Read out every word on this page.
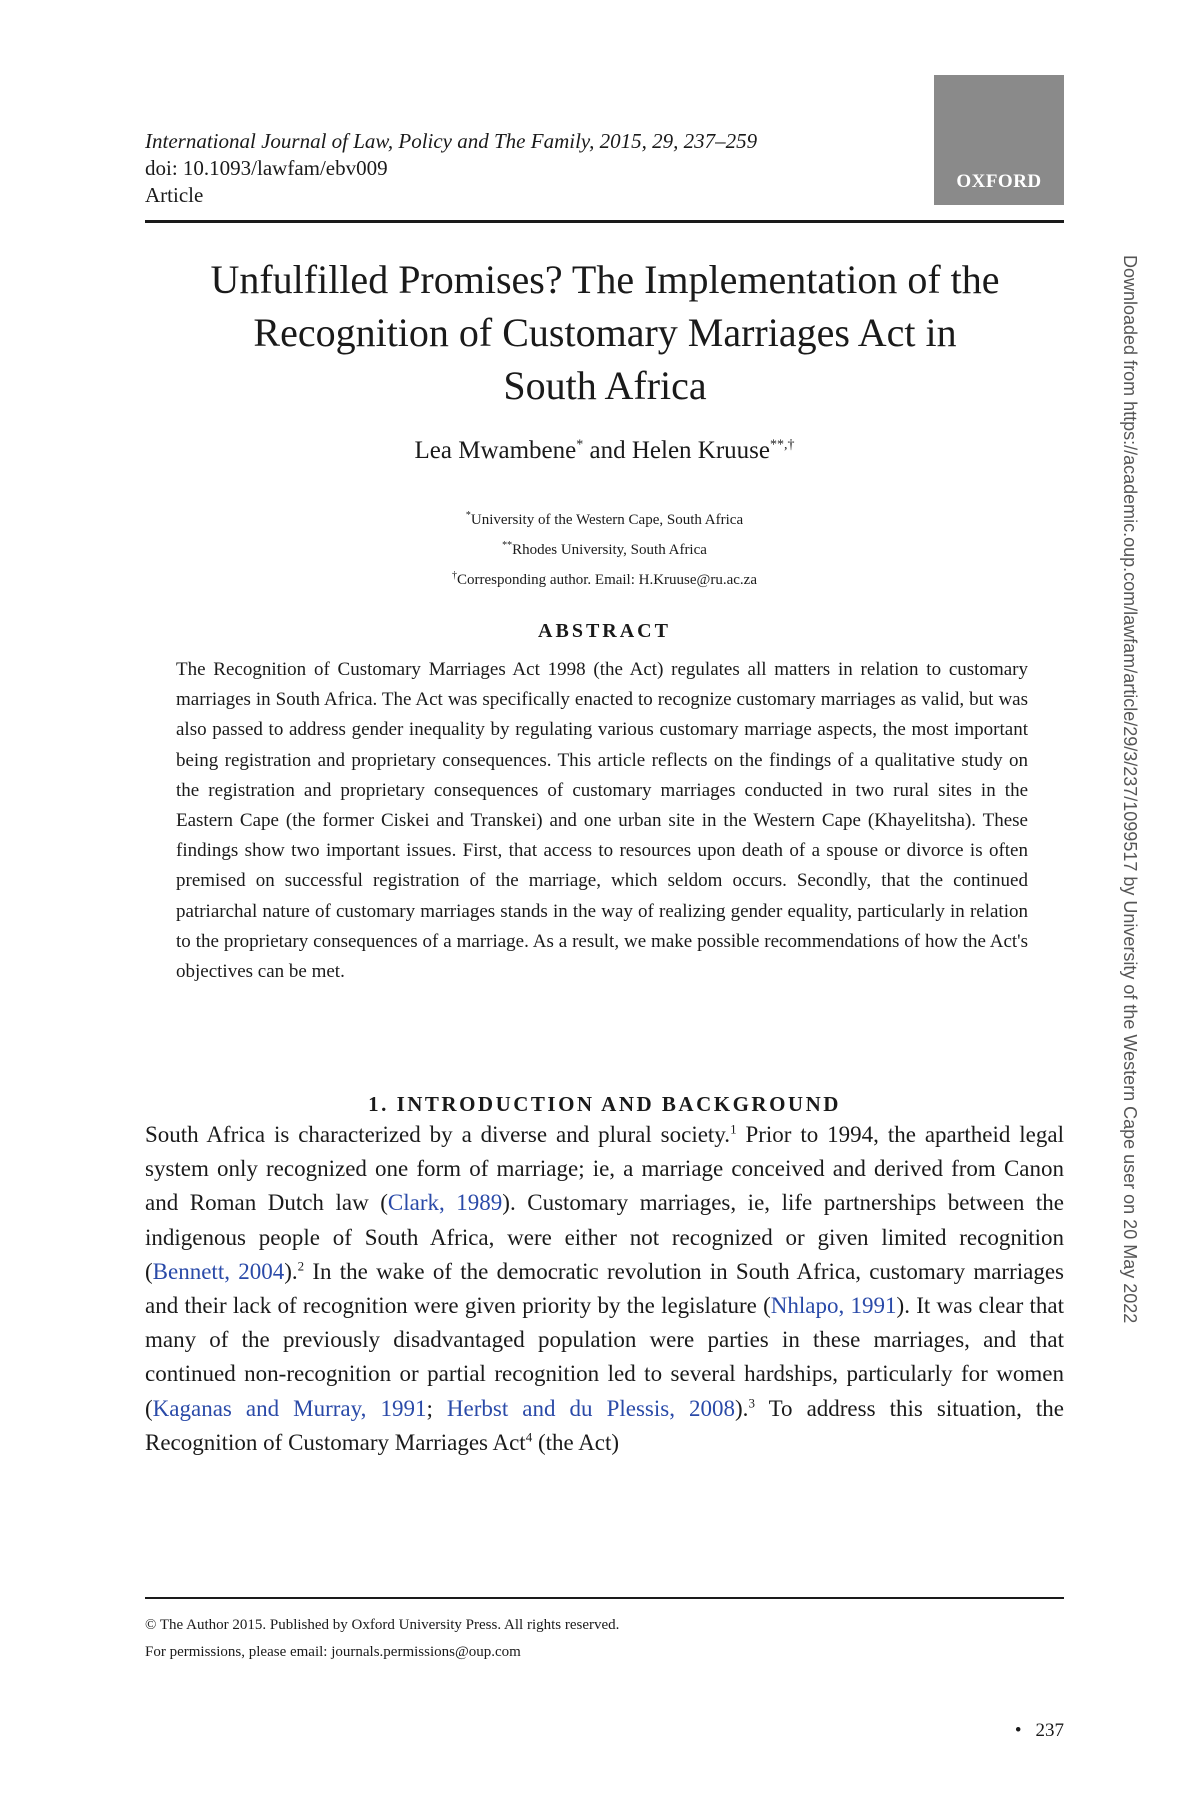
International Journal of Law, Policy and The Family, 2015, 29, 237–259
doi: 10.1093/lawfam/ebv009
Article
OXFORD
Unfulfilled Promises? The Implementation of the
Recognition of Customary Marriages Act in
South Africa
Lea Mwambene* and Helen Kruuse**,†
*University of the Western Cape, South Africa
**Rhodes University, South Africa
†Corresponding author. Email: H.Kruuse@ru.ac.za
ABSTRACT

The Recognition of Customary Marriages Act 1998 (the Act) regulates all matters in relation to customary marriages in South Africa. The Act was specifically enacted to recognize customary marriages as valid, but was also passed to address gender inequality by regulating various customary marriage aspects, the most important being registration and proprietary consequences. This article reflects on the findings of a qualitative study on the registration and proprietary consequences of customary marriages conducted in two rural sites in the Eastern Cape (the former Ciskei and Transkei) and one urban site in the Western Cape (Khayelitsha). These findings show two important issues. First, that access to resources upon death of a spouse or divorce is often premised on successful registration of the marriage, which seldom occurs. Secondly, that the continued patriarchal nature of customary marriages stands in the way of realizing gender equality, particularly in relation to the proprietary consequences of a marriage. As a result, we make possible recommendations of how the Act's objectives can be met.

1. INTRODUCTION AND BACKGROUND

South Africa is characterized by a diverse and plural society.$^1$ Prior to 1994, the apartheid legal system only recognized one form of marriage; ie, a marriage conceived and derived from Canon and Roman Dutch law (Clark, 1989). Customary marriages, ie, life partnerships between the indigenous people of South Africa, were either not recognized or given limited recognition (Bennett, 2004).$^2$ In the wake of the democratic revolution in South Africa, customary marriages and their lack of recognition were given priority by the legislature (Nhlapo, 1991). It was clear that many of the previously disadvantaged population were parties in these marriages, and that continued non-recognition or partial recognition led to several hardships, particularly for women (Kaganas and Murray, 1991; Herbst and du Plessis, 2008).$^3$ To address this situation, the Recognition of Customary Marriages Act$^4$ (the Act)

© The Author 2015. Published by Oxford University Press. All rights reserved.
For permissions, please email: journals.permissions@oup.com
• 237
Downloaded from https://academic.oup.com/lawfam/article/29/3/237/1099517 by University of the Western Cape user on 20 May 2022
